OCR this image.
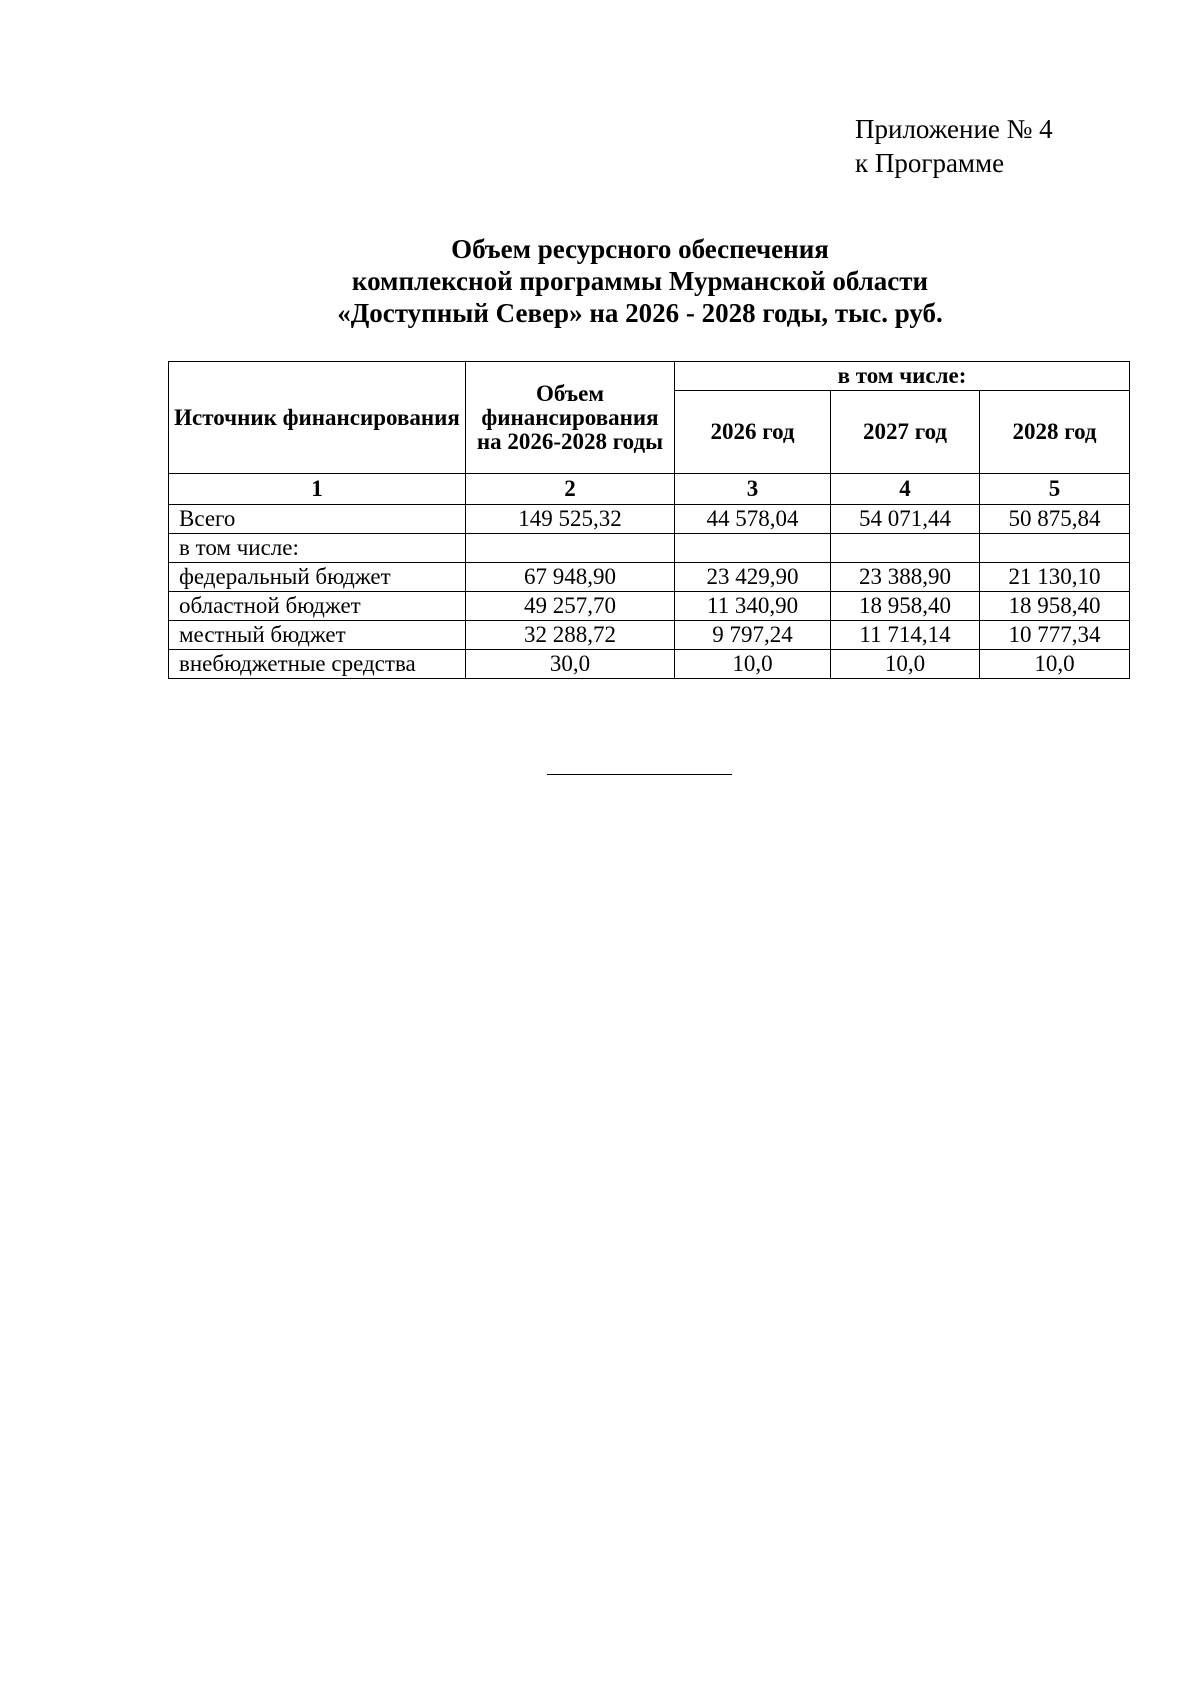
Приложение № 4
к Программе
Объем ресурсного обеспечения
комплексной программы Мурманской области
«Доступный Север» на 2026 - 2028 годы, тыс. руб.
Источник финансирования	Объем финансирования на 2026-2028 годы	в том числе:		
		2026 год	2027 год	2028 год
1	2	3	4	5
Всего	149 525,32	44 578,04	54 071,44	50 875,84
в том числе:				
федеральный бюджет	67 948,90	23 429,90	23 388,90	21 130,10
областной бюджет	49 257,70	11 340,90	18 958,40	18 958,40
местный бюджет	32 288,72	9 797,24	11 714,14	10 777,34
внебюджетные средства	30,0	10,0	10,0	10,0
